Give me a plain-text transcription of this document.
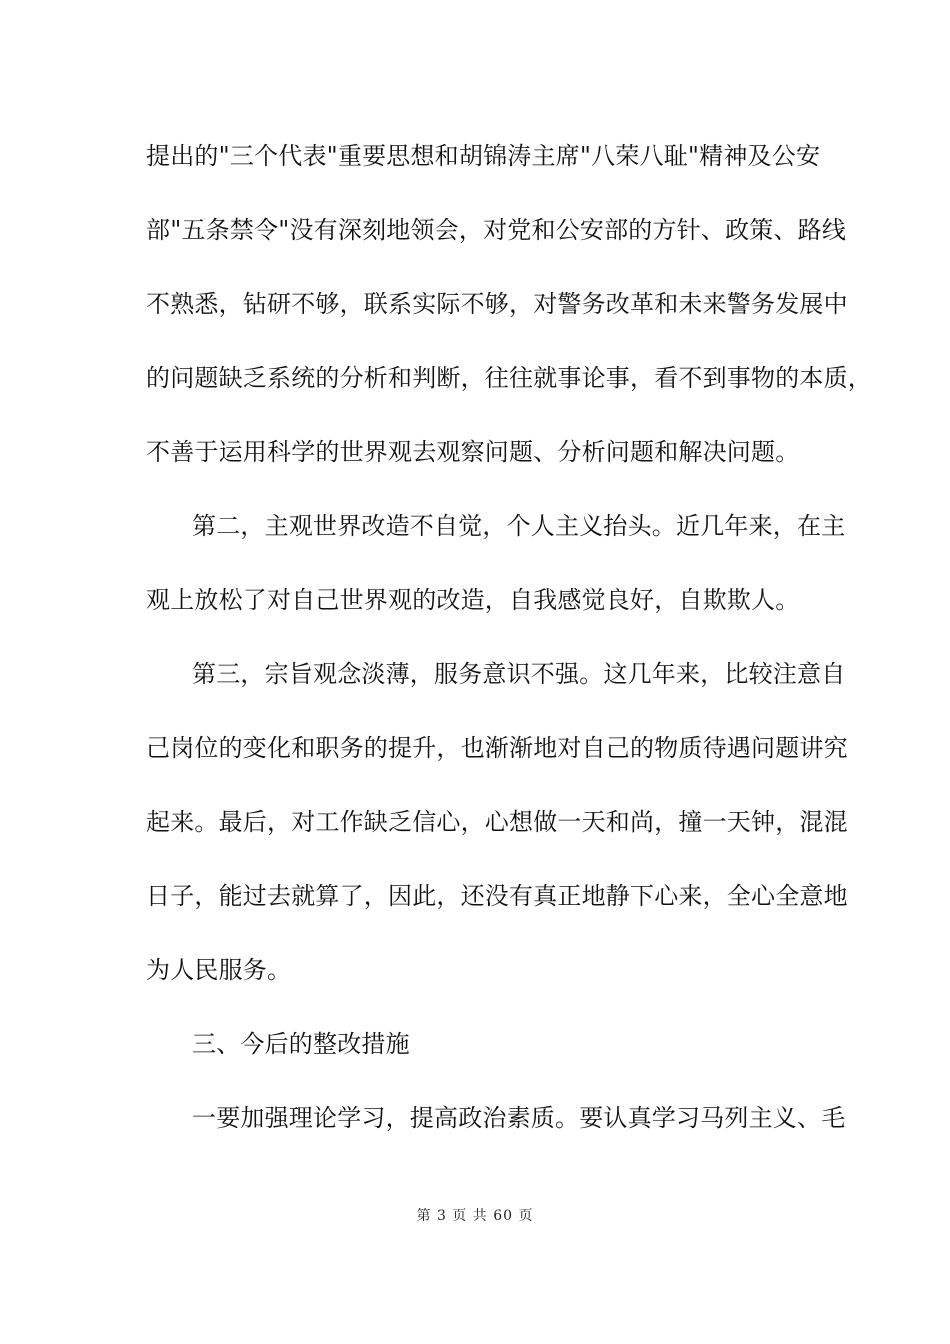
提出的"三个代表"重要思想和胡锦涛主席"八荣八耻"精神及公安
部"五条禁令"没有深刻地领会，对党和公安部的方针、政策、路线
不熟悉，钻研不够，联系实际不够，对警务改革和未来警务发展中
的问题缺乏系统的分析和判断，往往就事论事，看不到事物的本质，
不善于运用科学的世界观去观察问题、分析问题和解决问题。
第二，主观世界改造不自觉，个人主义抬头。近几年来，在主
观上放松了对自己世界观的改造，自我感觉良好，自欺欺人。
第三，宗旨观念淡薄，服务意识不强。这几年来，比较注意自
己岗位的变化和职务的提升，也渐渐地对自己的物质待遇问题讲究
起来。最后，对工作缺乏信心，心想做一天和尚，撞一天钟，混混
日子，能过去就算了，因此，还没有真正地静下心来，全心全意地
为人民服务。
三、今后的整改措施
一要加强理论学习，提高政治素质。要认真学习马列主义、毛
第 3 页 共 60 页
